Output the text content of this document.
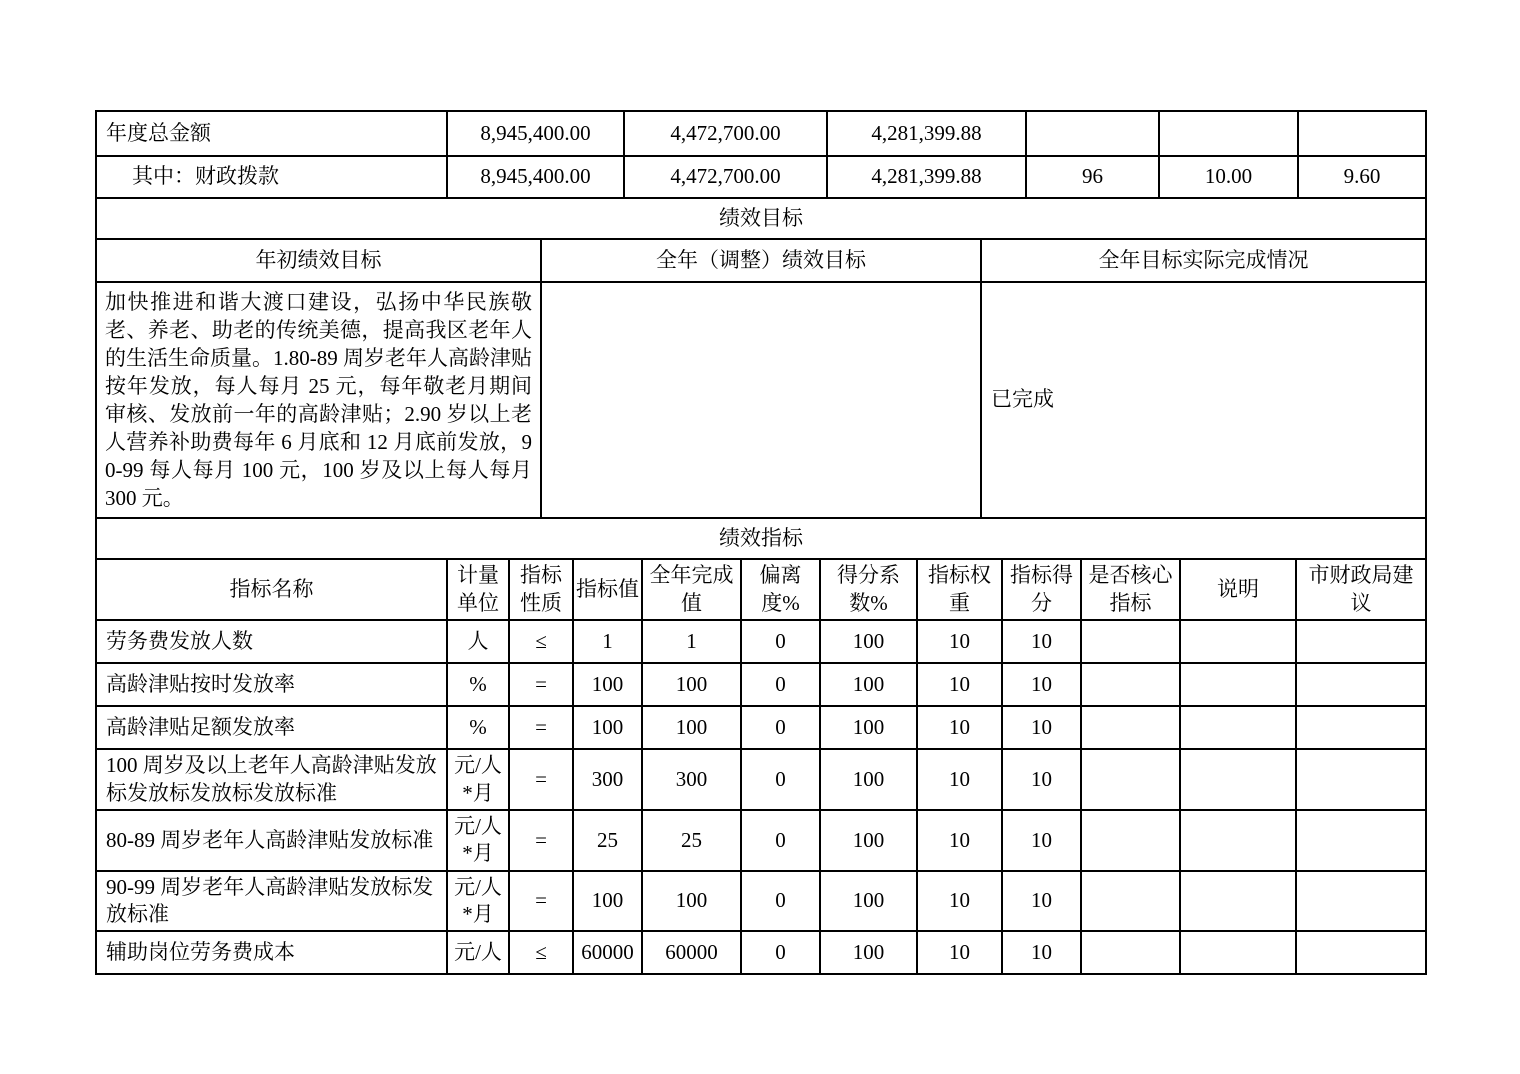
年度总金额	8,945,400.00	4,472,700.00	4,281,399.88			
其中：财政拨款	8,945,400.00	4,472,700.00	4,281,399.88	96	10.00	9.60
绩效目标		
年初绩效目标	全年（调整）绩效目标	全年目标实际完成情况
加快推进和谐大渡口建设，弘扬中华民族敬老、养老、助老的传统美德，提高我区老年人的生活生命质量。1.80-89 周岁老年人高龄津贴按年发放，每人每月 25 元，每年敬老月期间审核、发放前一年的高龄津贴；2.90 岁以上老人营养补助费每年 6 月底和 12 月底前发放，90-99 每人每月 100 元，100 岁及以上每人每月 300 元。		已完成
绩效指标											
指标名称	计量单位	指标性质	指标值	全年完成值	偏离度%	得分系数%	指标权重	指标得分	是否核心指标	说明	市财政局建议
劳务费发放人数	人	≤	1	1	0	100	10	10			
高龄津贴按时发放率	%	=	100	100	0	100	10	10			
高龄津贴足额发放率	%	=	100	100	0	100	10	10			
100 周岁及以上老年人高龄津贴发放标发放标发放标发放标准	元/人*月	=	300	300	0	100	10	10			
80-89 周岁老年人高龄津贴发放标准	元/人*月	=	25	25	0	100	10	10			
90-99 周岁老年人高龄津贴发放标发放标准	元/人*月	=	100	100	0	100	10	10			
辅助岗位劳务费成本	元/人	≤	60000	60000	0	100	10	10			
